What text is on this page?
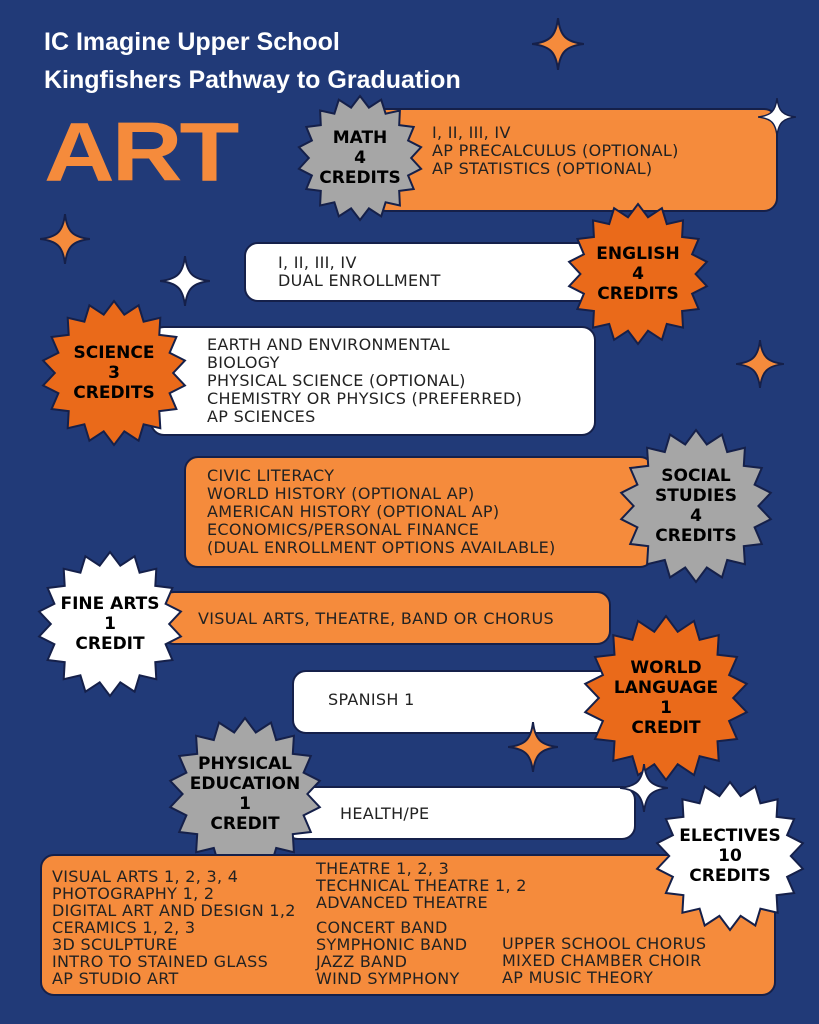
IC Imagine Upper School
Kingfishers Pathway to Graduation
ART	I, II, III, IV
AP PRECALCULUS (OPTIONAL)
AP STATISTICS (OPTIONAL)
MATH
4
CREDITS
I, II, III, IV
DUAL ENROLLMENT
ENGLISH
4
CREDITS
EARTH AND ENVIRONMENTAL
BIOLOGY
PHYSICAL SCIENCE (OPTIONAL)
CHEMISTRY OR PHYSICS (PREFERRED)
AP SCIENCES
SCIENCE
3
CREDITS
CIVIC LITERACY
WORLD HISTORY (OPTIONAL AP)
AMERICAN HISTORY (OPTIONAL AP)
ECONOMICS/PERSONAL FINANCE
(DUAL ENROLLMENT OPTIONS AVAILABLE)
SOCIAL
STUDIES
4
CREDITS
VISUAL ARTS, THEATRE, BAND OR CHORUS
FINE ARTS
1
CREDIT
SPANISH 1
WORLD
LANGUAGE
1
CREDIT
HEALTH/PE
PHYSICAL
EDUCATION
1
CREDIT
VISUAL ARTS 1, 2, 3, 4
PHOTOGRAPHY 1, 2
DIGITAL ART AND DESIGN 1,2
CERAMICS 1, 2, 3
3D SCULPTURE
INTRO TO STAINED GLASS
AP STUDIO ART
THEATRE 1, 2, 3
TECHNICAL THEATRE 1, 2
ADVANCED THEATRE
CONCERT BAND
SYMPHONIC BAND
JAZZ BAND
WIND SYMPHONY
UPPER SCHOOL CHORUS
MIXED CHAMBER CHOIR
AP MUSIC THEORY
ELECTIVES
10
CREDITS
